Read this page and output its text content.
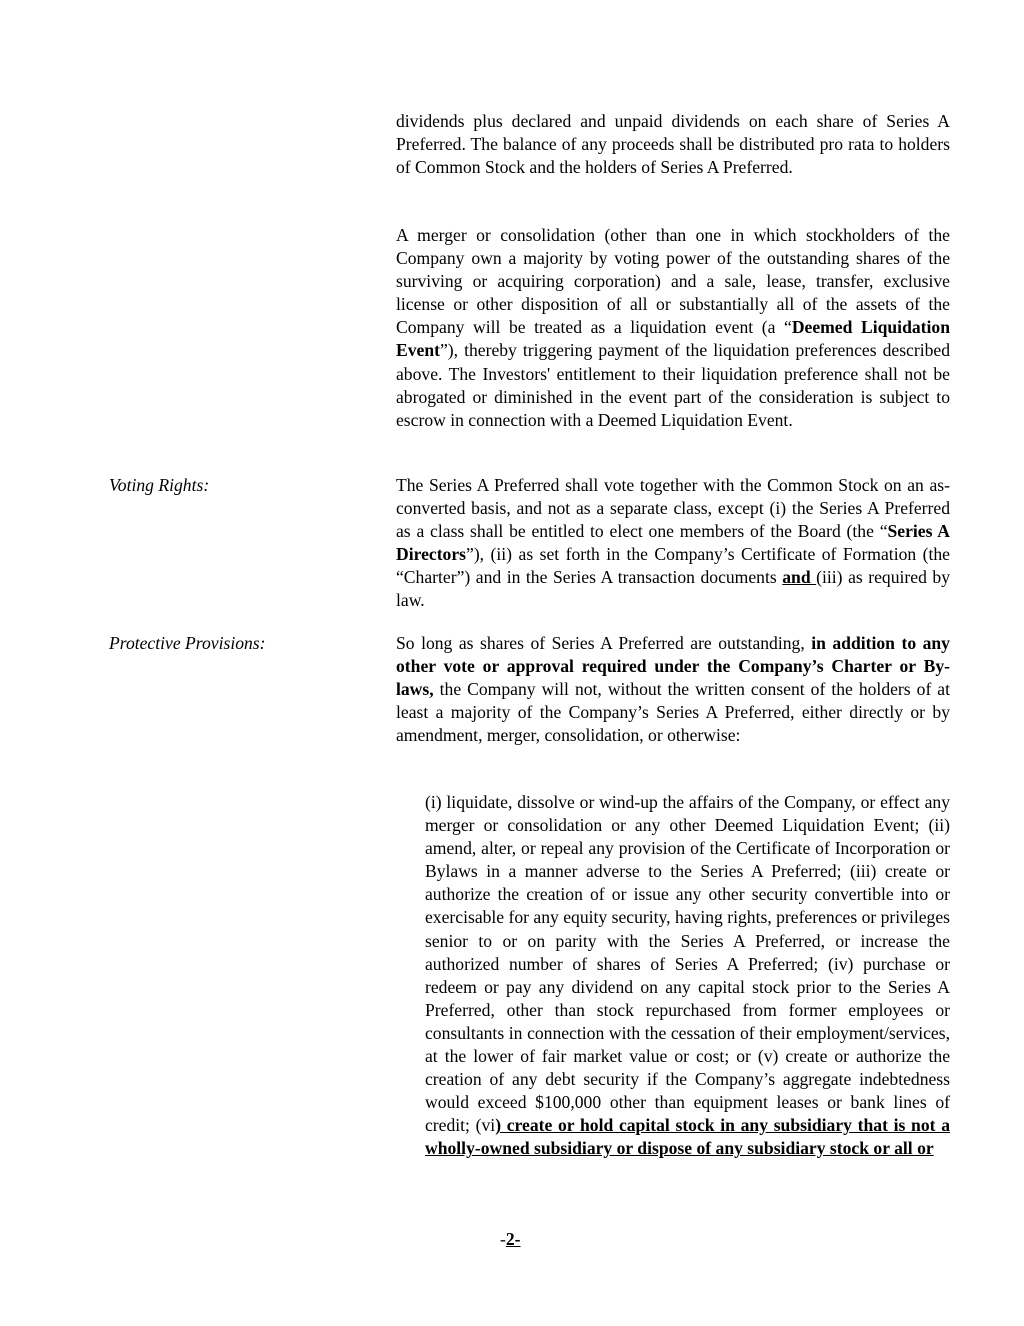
dividends plus declared and unpaid dividends on each share of Series A Preferred. The balance of any proceeds shall be distributed pro rata to holders of Common Stock and the holders of Series A Preferred.

A merger or consolidation (other than one in which stockholders of the Company own a majority by voting power of the outstanding shares of the surviving or acquiring corporation) and a sale, lease, transfer, exclusive license or other disposition of all or substantially all of the assets of the Company will be treated as a liquidation event (a “Deemed Liquidation Event”), thereby triggering payment of the liquidation preferences described above. The Investors' entitlement to their liquidation preference shall not be abrogated or diminished in the event part of the consideration is subject to escrow in connection with a Deemed Liquidation Event.

Voting Rights:	The Series A Preferred shall vote together with the Common Stock on an as-converted basis, and not as a separate class, except (i) the Series A Preferred as a class shall be entitled to elect one members of the Board (the “Series A Directors”), (ii) as set forth in the Company’s Certificate of Formation (the “Charter”) and in the Series A transaction documents and (iii) as required by law.

Protective Provisions:	So long as shares of Series A Preferred are outstanding, in addition to any other vote or approval required under the Company’s Charter or By-laws, the Company will not, without the written consent of the holders of at least a majority of the Company’s Series A Preferred, either directly or by amendment, merger, consolidation, or otherwise:

(i) liquidate, dissolve or wind-up the affairs of the Company, or effect any merger or consolidation or any other Deemed Liquidation Event; (ii) amend, alter, or repeal any provision of the Certificate of Incorporation or Bylaws in a manner adverse to the Series A Preferred; (iii) create or authorize the creation of or issue any other security convertible into or exercisable for any equity security, having rights, preferences or privileges senior to or on parity with the Series A Preferred, or increase the authorized number of shares of Series A Preferred; (iv) purchase or redeem or pay any dividend on any capital stock prior to the Series A Preferred, other than stock repurchased from former employees or consultants in connection with the cessation of their employment/services, at the lower of fair market value or cost; or (v) create or authorize the creation of any debt security if the Company’s aggregate indebtedness would exceed $100,000 other than equipment leases or bank lines of credit; (vi) create or hold capital stock in any subsidiary that is not a wholly-owned subsidiary or dispose of any subsidiary stock or all or

-2-
